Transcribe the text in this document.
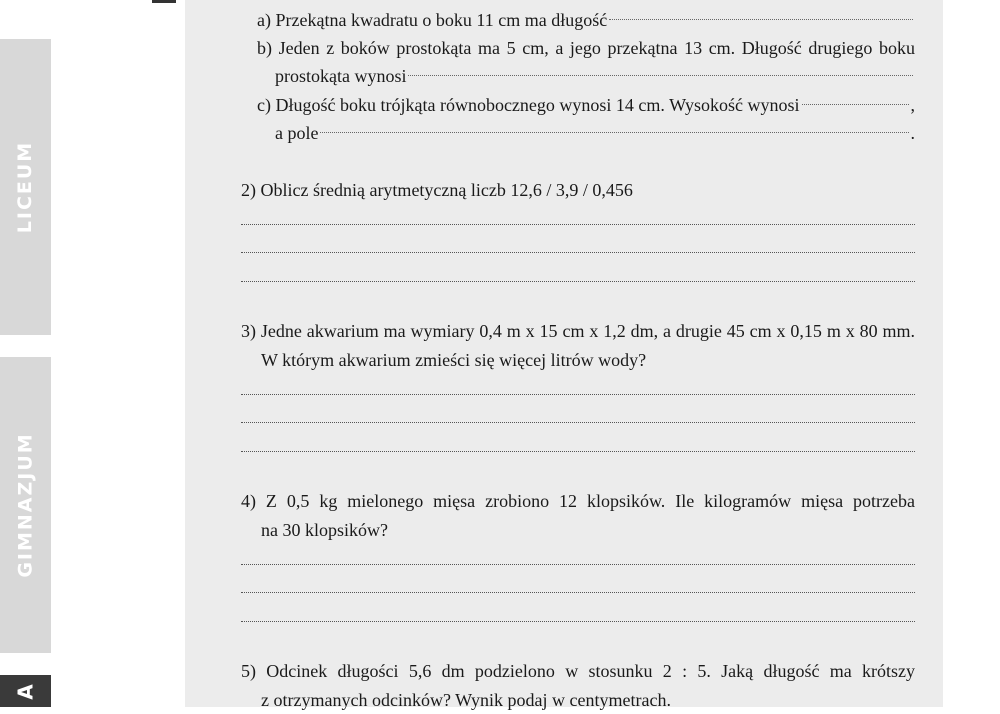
LICEUM
GIMNAZJUM
A
a) Przekątna kwadratu o boku 11 cm ma długość
b) Jeden z boków prostokąta ma 5 cm, a jego przekątna 13 cm. Długość drugiego boku
prostokąta wynosi
c) Długość boku trójkąta równobocznego wynosi 14 cm. Wysokość wynosi	,
a pole	.
2) Oblicz średnią arytmetyczną liczb 12,6 / 3,9 / 0,456
3) Jedne akwarium ma wymiary 0,4 m x 15 cm x 1,2 dm, a drugie 45 cm x 0,15 m x 80 mm.
W którym akwarium zmieści się więcej litrów wody?
4) Z 0,5 kg mielonego mięsa zrobiono 12 klopsików. Ile kilogramów mięsa potrzeba
na 30 klopsików?
5) Odcinek długości 5,6 dm podzielono w stosunku 2 : 5. Jaką długość ma krótszy
z otrzymanych odcinków? Wynik podaj w centymetrach.
